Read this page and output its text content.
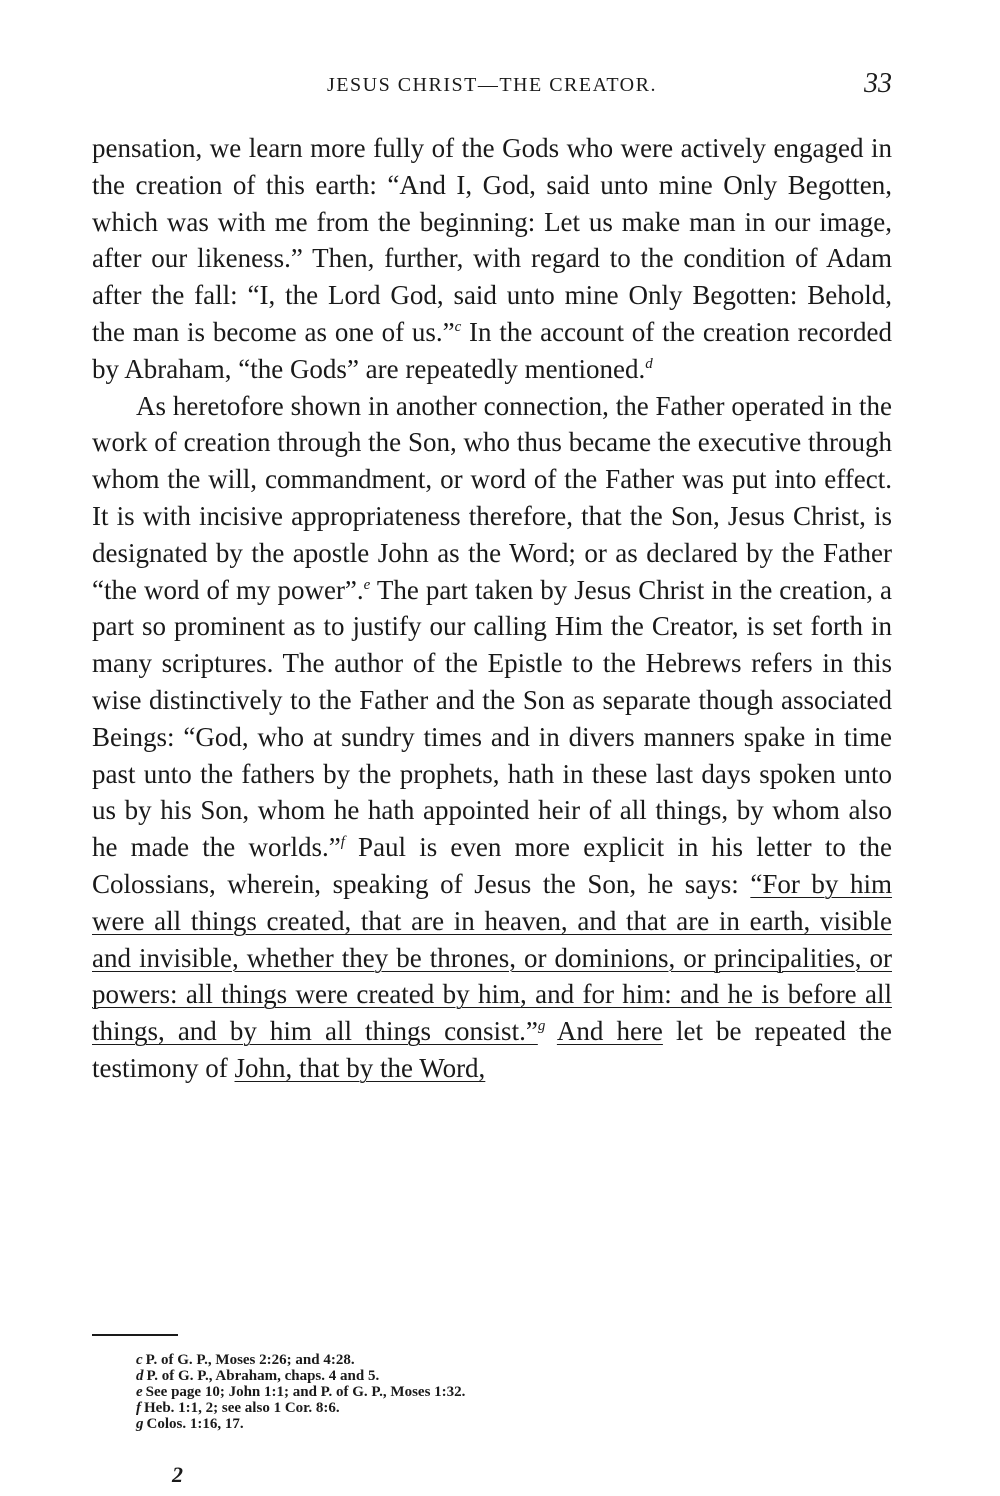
JESUS CHRIST—THE CREATOR.	33

pensation, we learn more fully of the Gods who were actively engaged in the creation of this earth: “And I, God, said unto mine Only Begotten, which was with me from the beginning: Let us make man in our image, after our likeness.” Then, further, with regard to the condition of Adam after the fall: “I, the Lord God, said unto mine Only Begotten: Behold, the man is become as one of us.”$^c$ In the account of the creation recorded by Abraham, “the Gods” are repeatedly mentioned.$^d$

As heretofore shown in another connection, the Father operated in the work of creation through the Son, who thus became the executive through whom the will, commandment, or word of the Father was put into effect. It is with incisive appropriateness therefore, that the Son, Jesus Christ, is designated by the apostle John as the Word; or as declared by the Father “the word of my power”.$^e$ The part taken by Jesus Christ in the creation, a part so prominent as to justify our calling Him the Creator, is set forth in many scriptures. The author of the Epistle to the Hebrews refers in this wise distinctively to the Father and the Son as separate though associated Beings: “God, who at sundry times and in divers manners spake in time past unto the fathers by the prophets, hath in these last days spoken unto us by his Son, whom he hath appointed heir of all things, by whom also he made the worlds.”$^f$ Paul is even more explicit in his letter to the Colossians, wherein, speaking of Jesus the Son, he says: “For by him were all things created, that are in heaven, and that are in earth, visible and invisible, whether they be thrones, or dominions, or principalities, or powers: all things were created by him, and for him: and he is before all things, and by him all things consist.”$^g$ And here let be repeated the testimony of John, that by the Word,

c P. of G. P., Moses 2:26; and 4:28.
d P. of G. P., Abraham, chaps. 4 and 5.
e See page 10; John 1:1; and P. of G. P., Moses 1:32.
f Heb. 1:1, 2; see also 1 Cor. 8:6.
g Colos. 1:16, 17.
2
